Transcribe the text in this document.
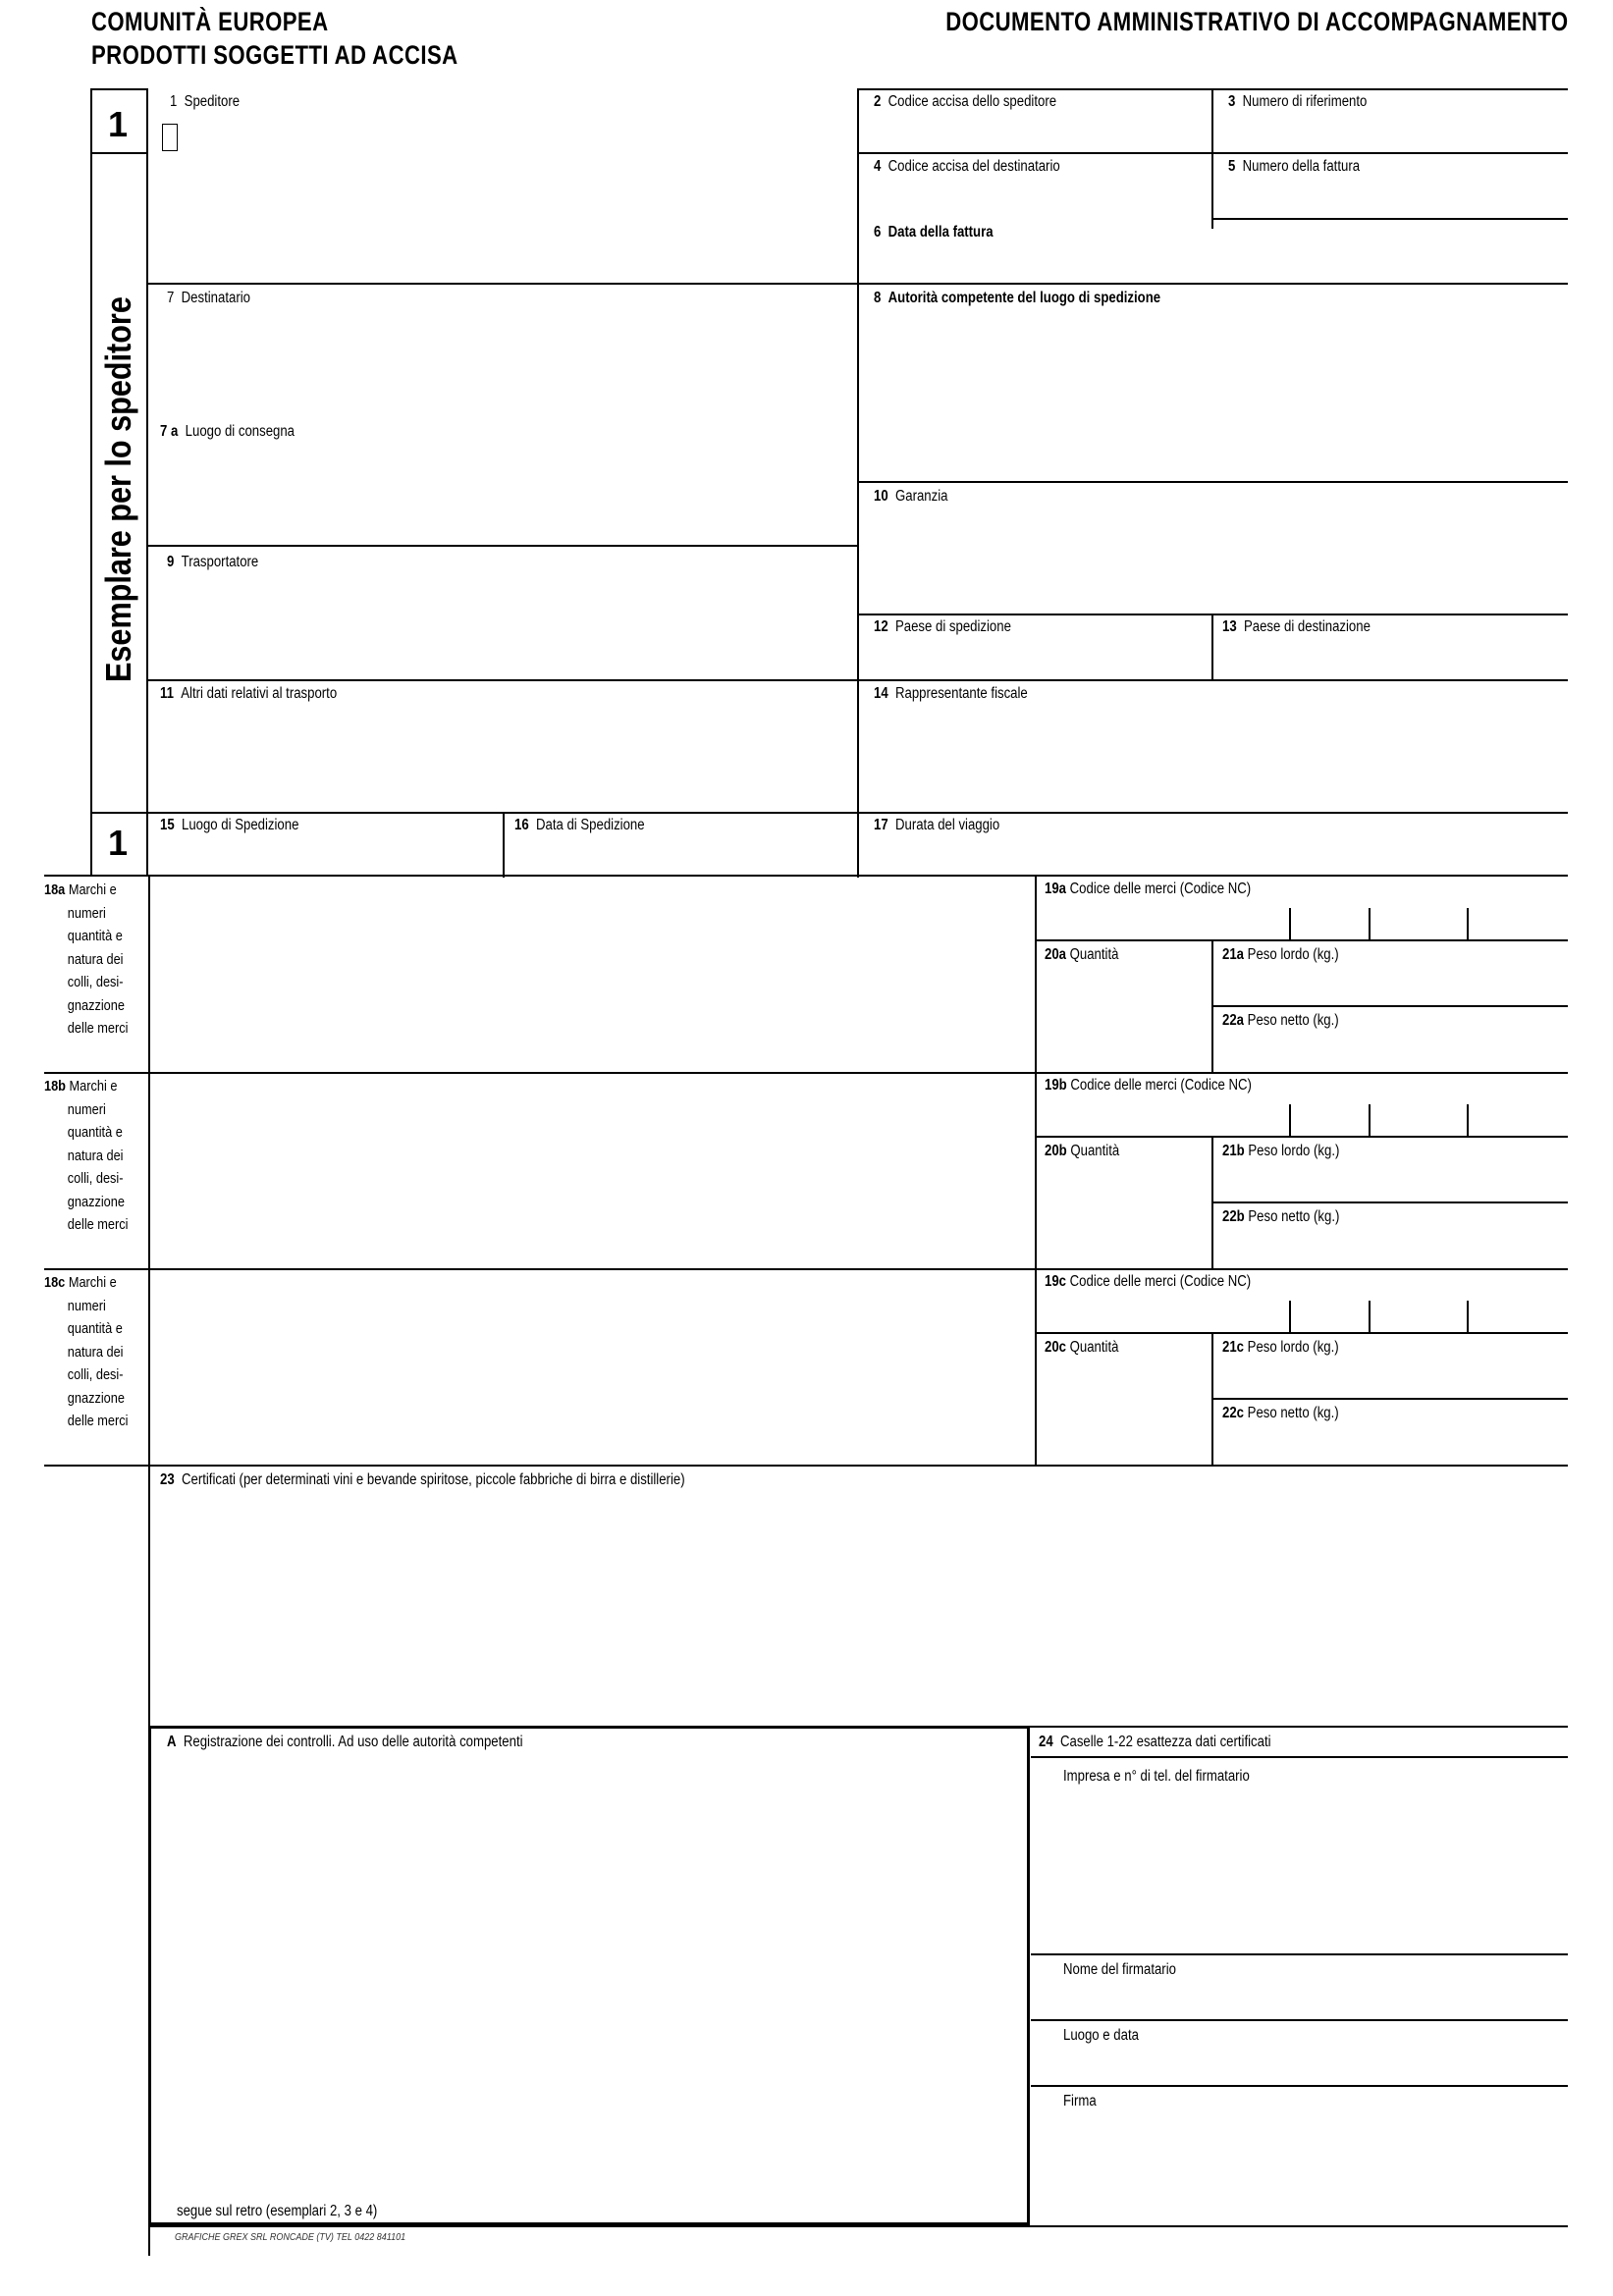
COMUNITÀ EUROPEA
PRODOTTI SOGGETTI AD ACCISA
DOCUMENTO AMMINISTRATIVO DI ACCOMPAGNAMENTO
1
1
Esemplare per lo speditore
1 Speditore	2 Codice accisa dello speditore	3 Numero di riferimento
4 Codice accisa del destinatario	5 Numero della fattura
6 Data della fattura
7 Destinatario	8 Autorità competente del luogo di spedizione
7 a Luogo di consegna
10 Garanzia
9 Trasportatore
12 Paese di spedizione	13 Paese di destinazione
11 Altri dati relativi al trasporto	14 Rappresentante fiscale
15 Luogo di Spedizione	16 Data di Spedizione	17 Durata del viaggio
18a Marchi e
numeri
quantità e
natura dei
colli, desi-
gnazzione
delle merci
19a Codice delle merci (Codice NC)
20a Quantità	21a Peso lordo (kg.)
22a Peso netto (kg.)
18b Marchi e
numeri
quantità e
natura dei
colli, desi-
gnazzione
delle merci
19b Codice delle merci (Codice NC)
20b Quantità	21b Peso lordo (kg.)
22b Peso netto (kg.)
18c Marchi e
numeri
quantità e
natura dei
colli, desi-
gnazzione
delle merci
19c Codice delle merci (Codice NC)
20c Quantità	21c Peso lordo (kg.)
22c Peso netto (kg.)
23 Certificati (per determinati vini e bevande spiritose, piccole fabbriche di birra e distillerie)
A Registrazione dei controlli. Ad uso delle autorità competenti
segue sul retro (esemplari 2, 3 e 4)
24 Caselle 1-22 esattezza dati certificati
Impresa e n° di tel. del firmatario
Nome del firmatario
Luogo e data
Firma
GRAFICHE GREX SRL RONCADE (TV) TEL 0422 841101
